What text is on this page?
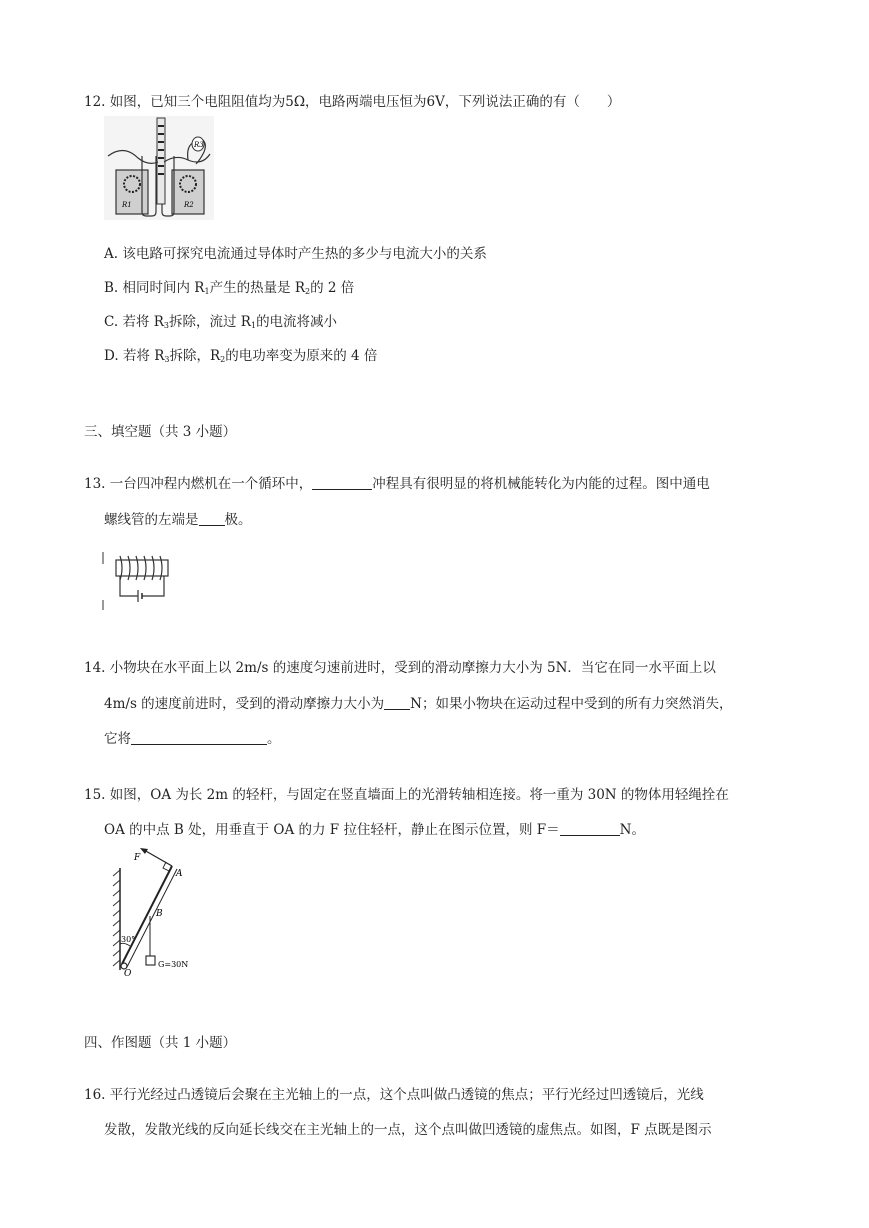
12. 如图，已知三个电阻阻值均为5Ω，电路两端电压恒为6V，下列说法正确的有（　　）
R3
R1	R2
A. 该电路可探究电流通过导体时产生热的多少与电流大小的关系
B. 相同时间内 $R_1$产生的热量是 $R_2$的 2 倍
C. 若将 $R_3$拆除，流过 $R_1$的电流将减小
D. 若将 $R_3$拆除，$R_2$的电功率变为原来的 4 倍
三、填空题（共 3 小题）
13. 一台四冲程内燃机在一个循环中，	冲程具有很明显的将机械能转化为内能的过程。图中通电
螺线管的左端是 极。
14. 小物块在水平面上以 2m/s 的速度匀速前进时，受到的滑动摩擦力大小为 5N．当它在同一水平面上以
4m/s 的速度前进时，受到的滑动摩擦力大小为 N；如果小物块在运动过程中受到的所有力突然消失，
它将	。
15. 如图，OA 为长 2m 的轻杆，与固定在竖直墙面上的光滑转轴相连接。将一重为 30N 的物体用轻绳拴在
OA 的中点 B 处，用垂直于 OA 的力 F 拉住轻杆，静止在图示位置，则 F＝	N。
F
A
B
30°
O
G=30N
四、作图题（共 1 小题）
16. 平行光经过凸透镜后会聚在主光轴上的一点，这个点叫做凸透镜的焦点；平行光经过凹透镜后，光线
发散，发散光线的反向延长线交在主光轴上的一点，这个点叫做凹透镜的虚焦点。如图，F 点既是图示
